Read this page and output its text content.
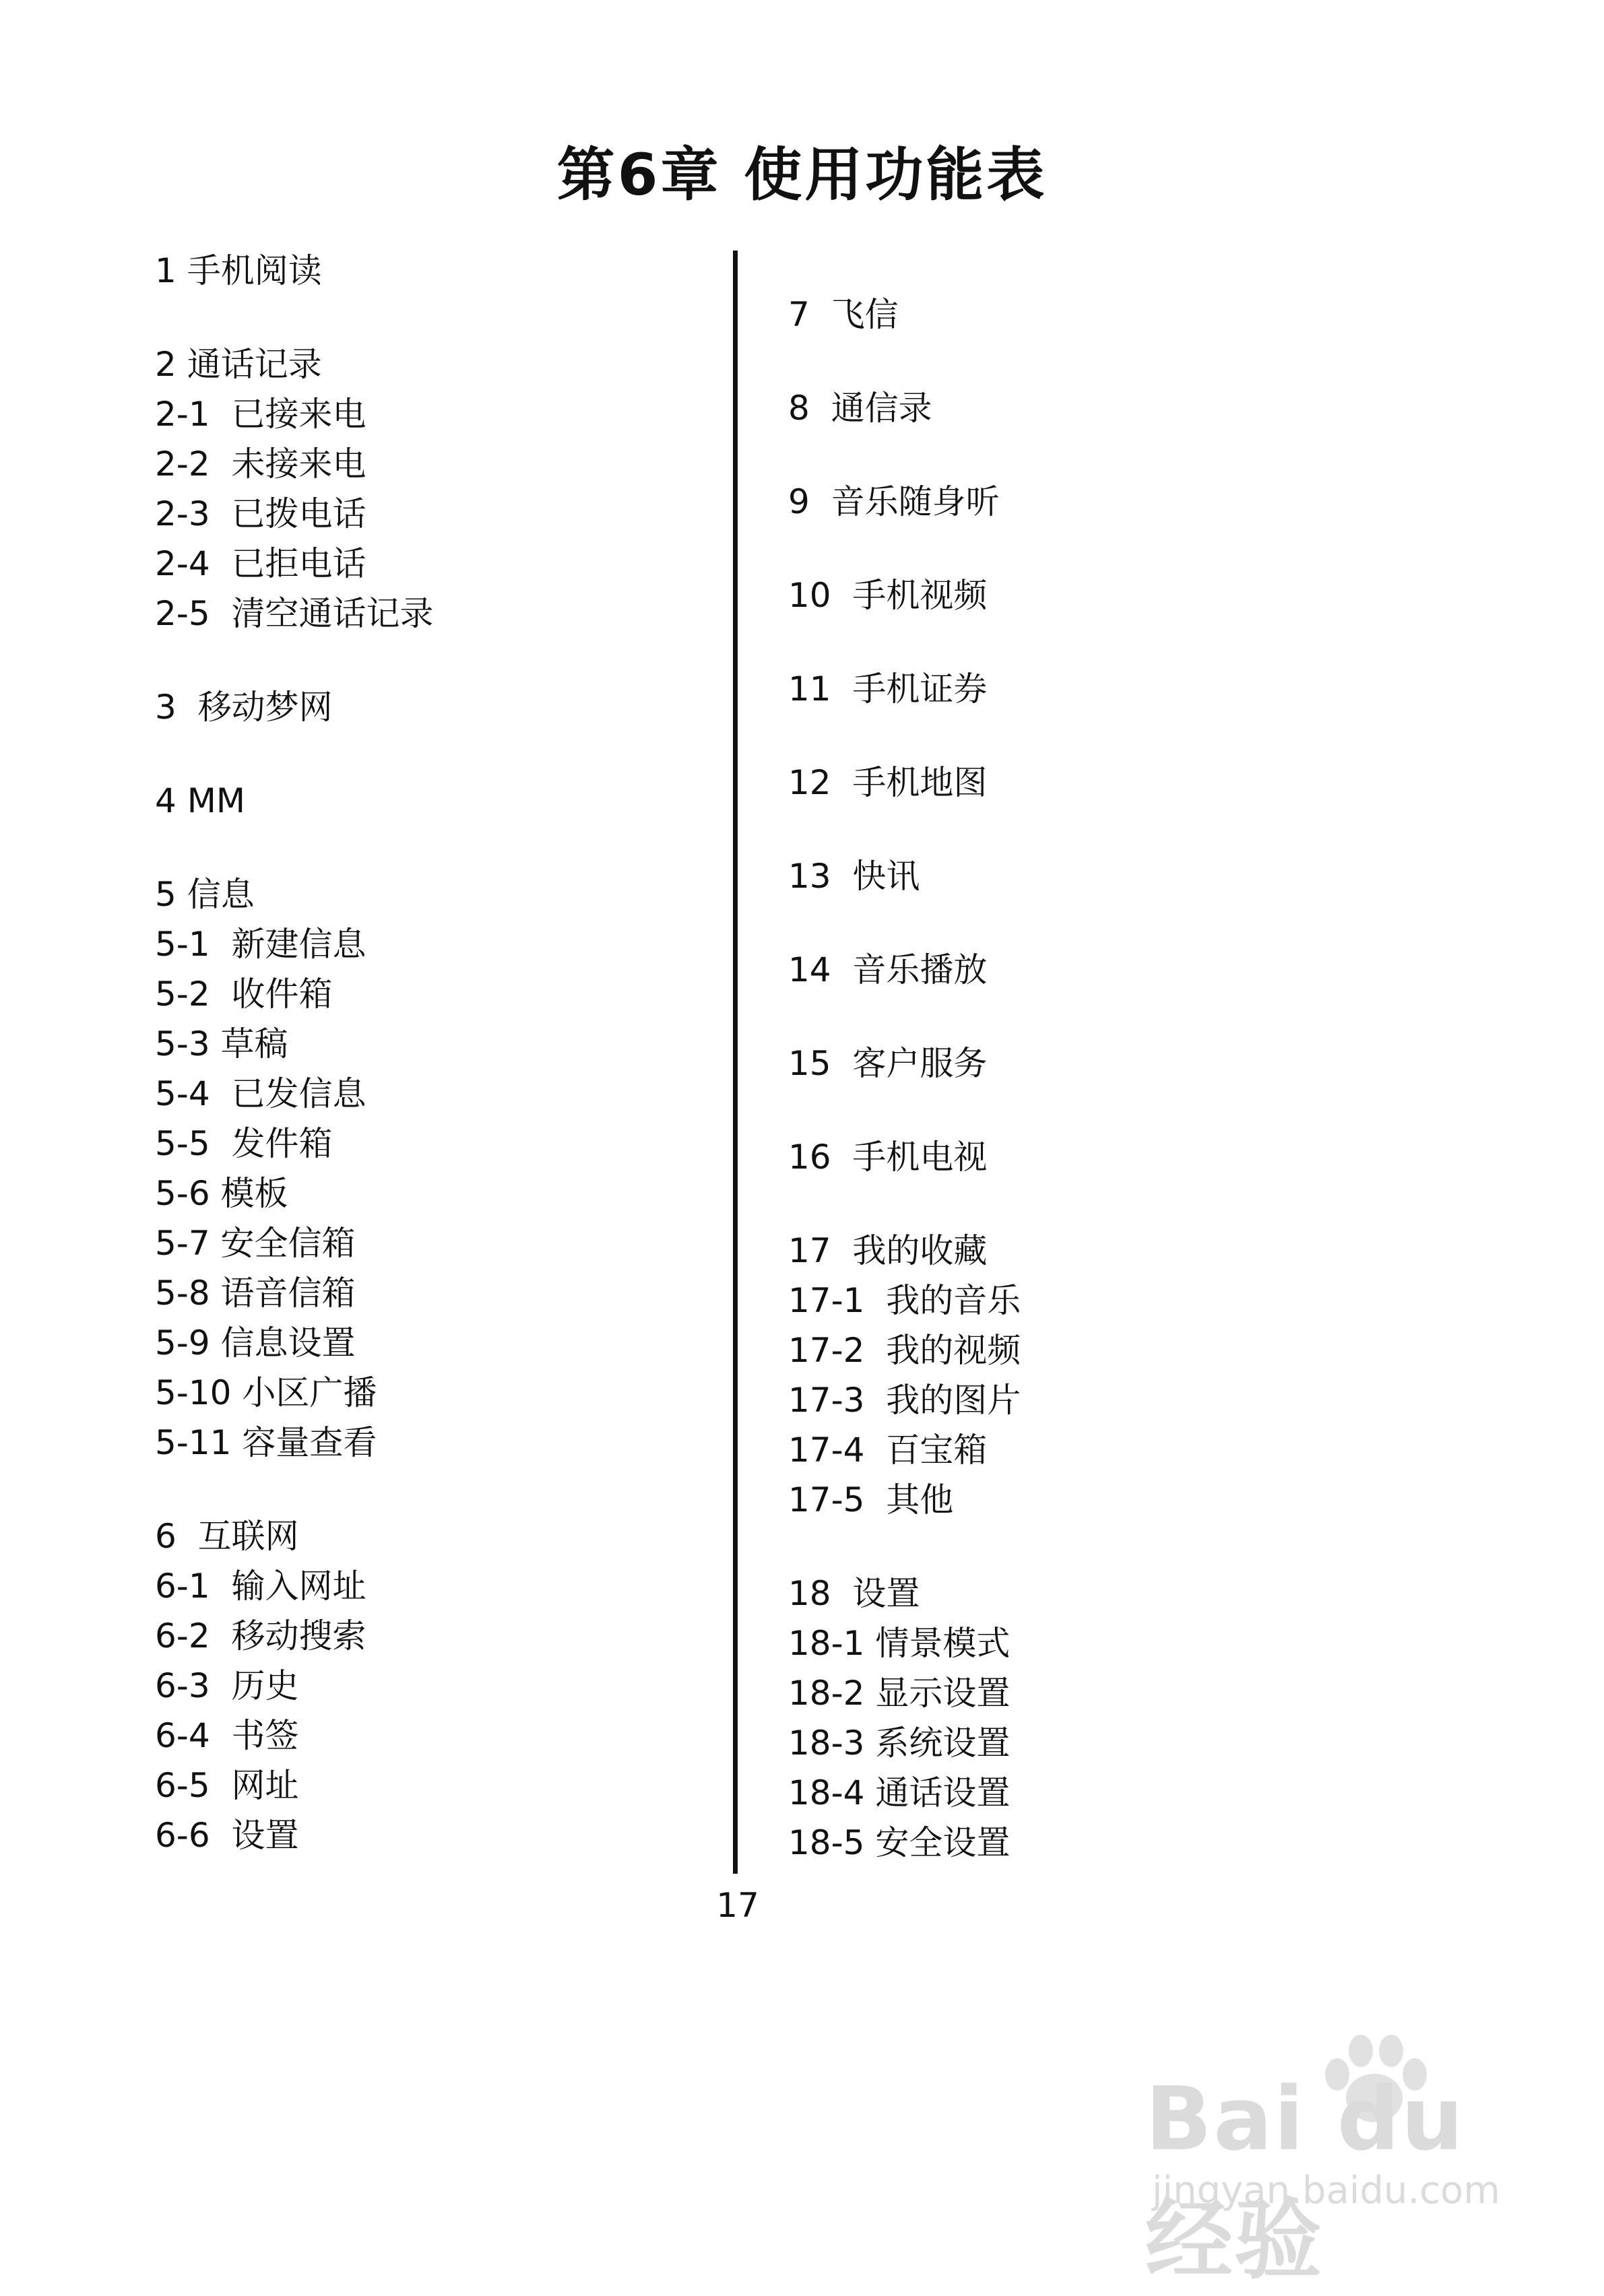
第6章 使用功能表
1 手机阅读
2 通话记录
2-1  已接来电
2-2  未接来电
2-3  已拨电话
2-4  已拒电话
2-5  清空通话记录
3  移动梦网
4 MM
5 信息
5-1  新建信息
5-2  收件箱
5-3 草稿
5-4  已发信息
5-5  发件箱
5-6 模板
5-7 安全信箱
5-8 语音信箱
5-9 信息设置
5-10 小区广播
5-11 容量查看
6  互联网
6-1  输入网址
6-2  移动搜索
6-3  历史
6-4  书签
6-5  网址
6-6  设置
7  飞信
8  通信录
9  音乐随身听
10  手机视频
11  手机证券
12  手机地图
13  快讯
14  音乐播放
15  客户服务
16  手机电视
17  我的收藏
17-1  我的音乐
17-2  我的视频
17-3  我的图片
17-4  百宝箱
17-5  其他
18  设置
18-1 情景模式
18-2 显示设置
18-3 系统设置
18-4 通话设置
18-5 安全设置
17
Bai du 经验
jingyan.baidu.com
